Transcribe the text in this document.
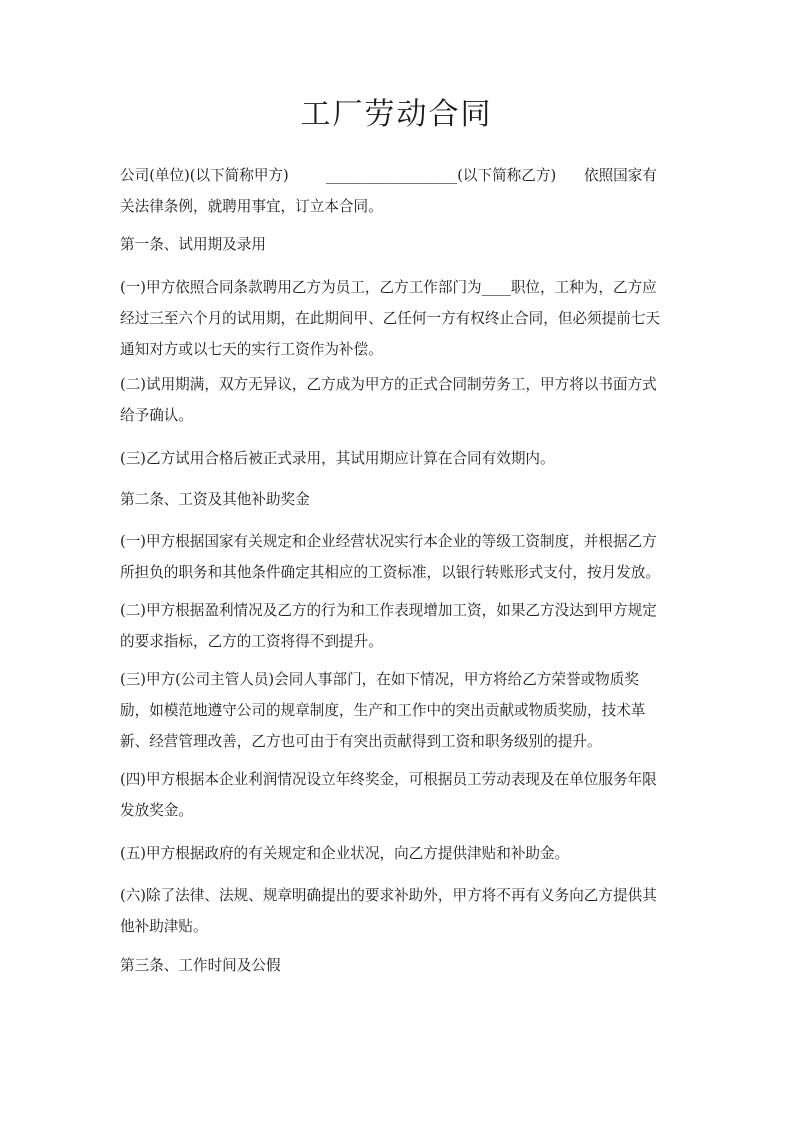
工厂劳动合同

公司(单位)(以下简称甲方)	__________________(以下简称乙方) 依照国家有
关法律条例，就聘用事宜，订立本合同。

第一条、试用期及录用

(一)甲方依照合同条款聘用乙方为员工，乙方工作部门为____职位，工种为，乙方应
经过三至六个月的试用期，在此期间甲、乙任何一方有权终止合同，但必须提前七天
通知对方或以七天的实行工资作为补偿。

(二)试用期满，双方无异议，乙方成为甲方的正式合同制劳务工，甲方将以书面方式
给予确认。

(三)乙方试用合格后被正式录用，其试用期应计算在合同有效期内。

第二条、工资及其他补助奖金

(一)甲方根据国家有关规定和企业经营状况实行本企业的等级工资制度，并根据乙方
所担负的职务和其他条件确定其相应的工资标准，以银行转账形式支付，按月发放。

(二)甲方根据盈利情况及乙方的行为和工作表现增加工资，如果乙方没达到甲方规定
的要求指标，乙方的工资将得不到提升。

(三)甲方(公司主管人员)会同人事部门，在如下情况，甲方将给乙方荣誉或物质奖
励，如模范地遵守公司的规章制度，生产和工作中的突出贡献或物质奖励，技术革
新、经营管理改善，乙方也可由于有突出贡献得到工资和职务级别的提升。

(四)甲方根据本企业利润情况设立年终奖金，可根据员工劳动表现及在单位服务年限
发放奖金。

(五)甲方根据政府的有关规定和企业状况，向乙方提供津贴和补助金。

(六)除了法律、法规、规章明确提出的要求补助外，甲方将不再有义务向乙方提供其
他补助津贴。

第三条、工作时间及公假
